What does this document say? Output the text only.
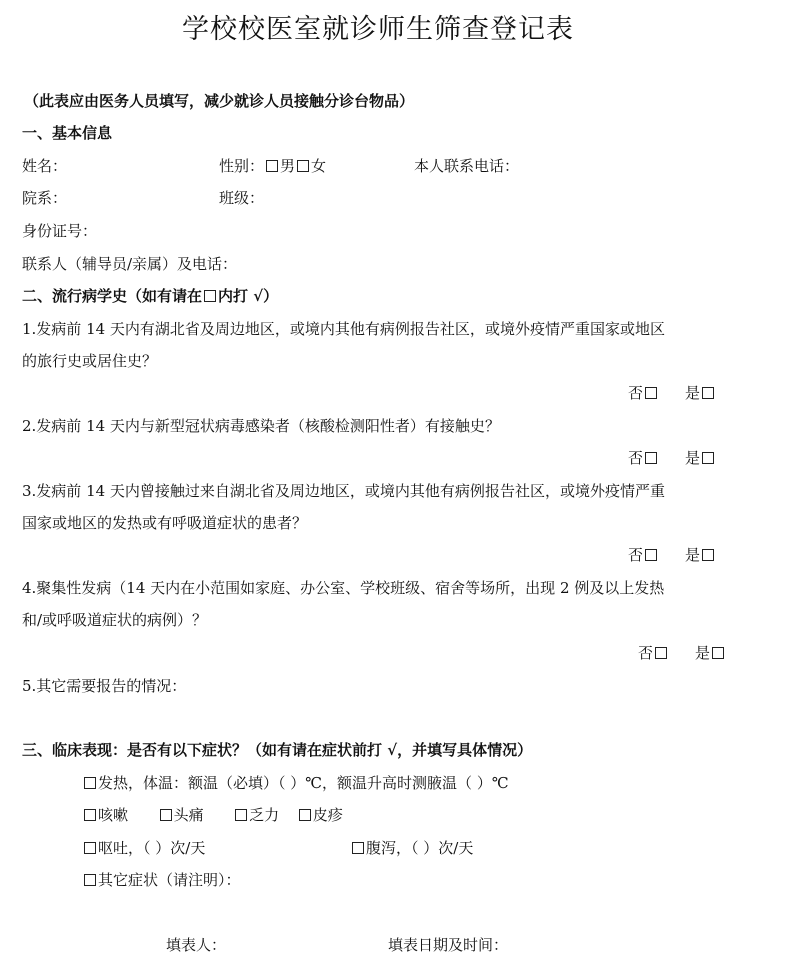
学校校医室就诊师生筛查登记表
（此表应由医务人员填写，减少就诊人员接触分诊台物品）
一、基本信息
姓名：	性别： 男 女	本人联系电话：
院系：	班级：
身份证号：
联系人（辅导员/亲属）及电话：
二、流行病学史（如有请在 内打 √）
1.发病前 14 天内有湖北省及周边地区，或境内其他有病例报告社区，或境外疫情严重国家或地区
的旅行史或居住史？
否	是
2.发病前 14 天内与新型冠状病毒感染者（核酸检测阳性者）有接触史？
否	是
3.发病前 14 天内曾接触过来自湖北省及周边地区，或境内其他有病例报告社区，或境外疫情严重
国家或地区的发热或有呼吸道症状的患者？
否	是
4.聚集性发病（14 天内在小范围如家庭、办公室、学校班级、宿舍等场所，出现 2 例及以上发热
和/或呼吸道症状的病例）？
否	是
5.其它需要报告的情况：
三、临床表现：是否有以下症状？（如有请在症状前打 √，并填写具体情况）
发热，体温：额温（必填）（ ）℃，额温升高时测腋温（ ）℃
咳嗽	头痛	乏力 皮疹
呕吐，（ ）次/天	腹泻，（ ）次/天
其它症状（请注明）：
填表人：	填表日期及时间：
